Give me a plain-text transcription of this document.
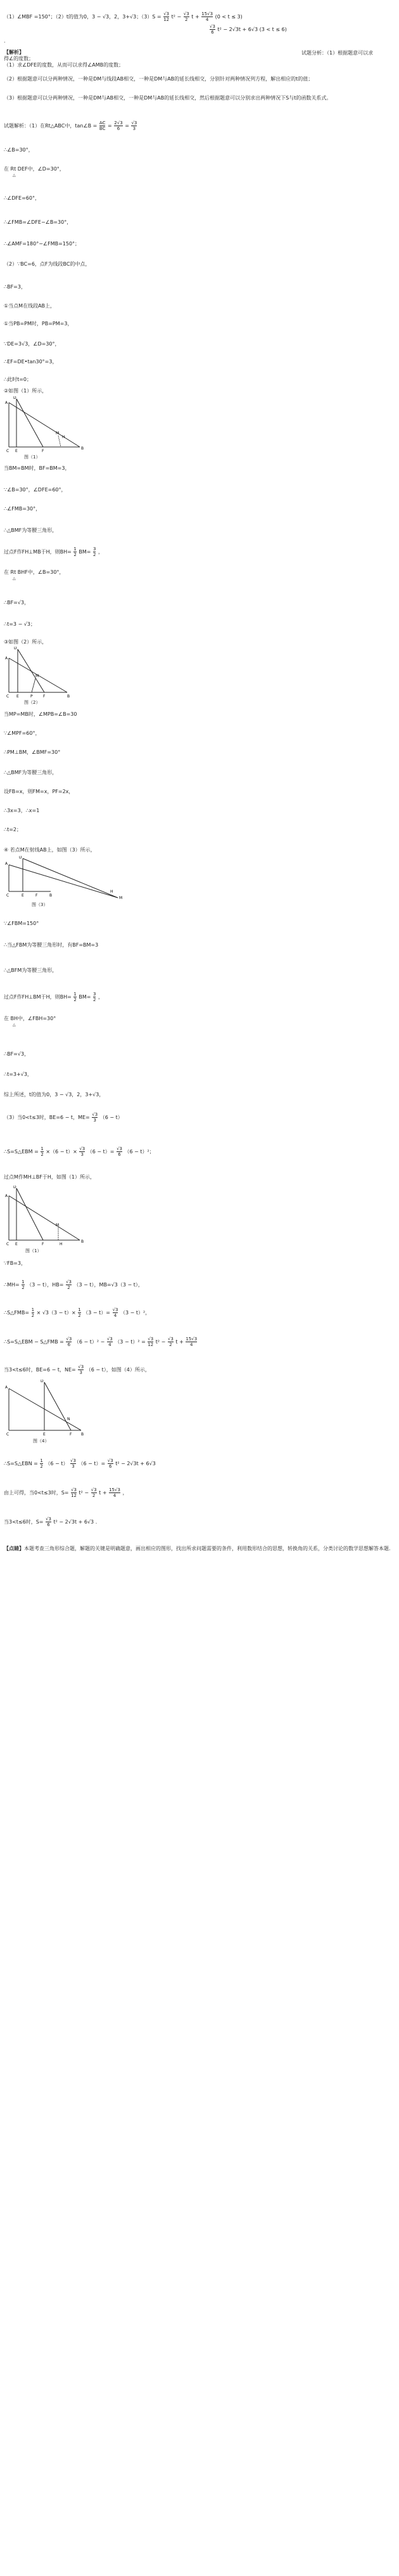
（1）∠MBF =150°；（2）t的值为0，3 − √3，2，3+√3；$(3)S = \frac{√3}{12} t^2 - \frac{√3}{2}$ $t + \frac{15√3}{4} (0 < t \le 3)$
$\frac{√3}{6} t^2 - 2√3t + 6√3$ (3 < t ≤ 6)
.
【解析】	试题分析：（1）根据题意可以求
得∠的度数；
（1）求∠DFE的度数，从而可以求得∠AMB的度数；
（2）根据题意可以分两种情况，一种是DM与线段AB相交，一种是DM与AB的延长线相交，分别针对两种情况列方程，解出相应的t的值；
（3）根据题意可以分两种情况，一种是DM与AB相交，一种是DM与AB的延长线相交，然后根据题意可以分别求出两种情况下S与t的函数关系式。
试题解析：（1）在Rt△ABC中，tan∠B = $\frac{AC}{BC} = \frac{2√3}{6} = \frac{√3}{3}$
∴∠B=30°，
在 Rt DEF中，∠D=30°，
△
∴∠DFE=60°，
∴∠FMB=∠DFE−∠B=30°，
∴∠AMF=180°−∠FMB=150°；
（2）∵BC=6，点F为线段BC的中点，
∴BF=3，
①当点M在线段AB上，
①当PB=PM时，PB=PM=3，
∵DE=3√3，∠D=30°，
∴EF=DE•tan30°=3，
∴此时t=0；
②如图（1）所示，
D
A
M
H
C E	F
B
图（1）
当BM=BM时，BF=BM=3，
∵∠B=30°，∠DFE=60°，
∴∠FMB=30°，
∴△BMF为等腰三角形，
过点F作FH⊥MB于H，则$BH= \frac{1}{2} BM= \frac{3}{2}$ ，
在 Rt BHF中，∠B=30°，
△
∴BF=√3，
∴t=3 − √3；
③如图（2）所示，
D
A
M
C E	P	F	B
图（2）
当MP=MB时，∠MPB=∠B=30
∵∠MPF=60°，
∴PM⊥BM，∠BMF=30°
∴△BMF为等腰三角形，
设FB=x，则FM=x，PF=2x，
∴3x=3，∴x=1
∴t=2；
④ 若点M在射线AB上，如图（3）所示，
D
A
C	E	F	B
H
M
图（3）
∵∠FBM=150°
∴当△FBM为等腰三角形时，有BF=BM=3
∴△BFM为等腰三角形，
过点F作FH⊥BM于H，则$BH= \frac{1}{2} BM= \frac{3}{2}$ ，
在 BH中，∠FBH=30°
△
∴BF=√3，
∴t=3+√3，
综上所述，t的值为0，3 − √3，2，3+√3，
（3）当0<t≤3时，BE=6 − t，$ME= \frac{√3}{3} (6 - t)$
∴S=S△EBM = $\frac{1}{2} \times(6 - t)\times \frac{√3}{3} (6 - t)= \frac{√3}{6} (6 - t)^2$；
过点M作MH⊥BF于H，如图（1）所示，
D
A
M
H
C E	F
B
图（1）
∵FB=3，
∴MH= $\frac{1}{2} (3 - t)$，$HB= \frac{√3}{2} (3 - t)$，MB=√3（3 − t），
∴S△FMB= $\frac{1}{2} \times √3(3 - t)\times \frac{1}{2} (3 - t)= \frac{√3}{4} (3 - t)^2$，
∴S=S△EBM − S△FMB = $\frac{√3}{6} (6 - t)^2 - \frac{√3}{4} (3 - t)^2 = \frac{√3}{12} t^2 - \frac{√3}{2}$ $t + \frac{15√3}{4}$
当3<t≤6时，BE=6 − t，$NE= \frac{√3}{3} (6 - t)$，如图（4）所示，
D
A
C	E	F B
N
图（4）
∴S=S△EBN = $\frac{1}{2} (6 - t) \frac{√3}{3} (6 - t)= \frac{√3}{6} t^2 - 2√3t + 6√3$
由上可得，当0<t≤3时，$S= \frac{√3}{12} t^2 - \frac{√3}{2}$ $t + \frac{15√3}{4}$ ，
当3<t≤6时，$S= \frac{√3}{6} t^2 - 2√3t + 6√3$ .
【点睛】本题考查三角形综合题，解题的关键是明确题意，画出相应的图形，找出所求问题需要的条件，利用数形结合的思想，转换角的关系，分类讨论的数学思想解答本题.
